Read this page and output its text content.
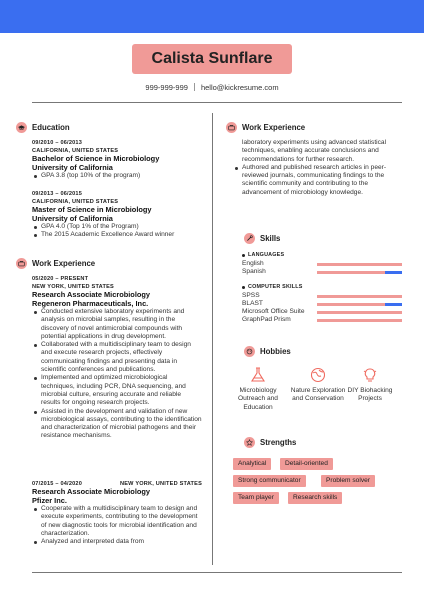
Calista Sunflare
999-999-999 hello@kickresume.com
Education
09/2010 – 06/2013
CALIFORNIA, UNITED STATES
Bachelor of Science in Microbiology
University of California
GPA 3.8 (top 10% of the program)
09/2013 – 06/2015
CALIFORNIA, UNITED STATES
Master of Science in Microbiology
University of California
GPA 4.0 (Top 1% of the Program)
The 2015 Academic Excellence Award winner
Work Experience
05/2020 – PRESENT
NEW YORK, UNITED STATES
Research Associate Microbiology
Regeneron Pharmaceuticals, Inc.
Conducted extensive laboratory experiments and analysis on microbial samples, resulting in the discovery of novel antimicrobial compounds with potential applications in drug development.
Collaborated with a multidisciplinary team to design and execute research projects, effectively communicating findings and presenting data in scientific conferences and publications.
Implemented and optimized microbiological techniques, including PCR, DNA sequencing, and microbial culture, ensuring accurate and reliable results for ongoing research projects.
Assisted in the development and validation of new microbiological assays, contributing to the identification and characterization of microbial pathogens and their resistance mechanisms.
07/2015 – 04/2020	NEW YORK, UNITED STATES
Research Associate Microbiology
Pfizer Inc.
Cooperate with a multidisciplinary team to design and execute experiments, contributing to the development of new diagnostic tools for microbial identification and characterization.
Analyzed and interpreted data from
Work Experience
laboratory experiments using advanced statistical techniques, enabling accurate conclusions and recommendations for further research.
Authored and published research articles in peer-reviewed journals, communicating findings to the scientific community and contributing to the advancement of microbiology knowledge.
Skills
LANGUAGES
English
Spanish
COMPUTER SKILLS
SPSS
BLAST
Microsoft Office Suite
GraphPad Prism
Hobbies
Microbiology Outreach and Education
Nature Exploration and Conservation
DIY Biohacking Projects
Strengths
Analytical	Detail-oriented
Strong communicator	Problem solver
Team player	Research skills
